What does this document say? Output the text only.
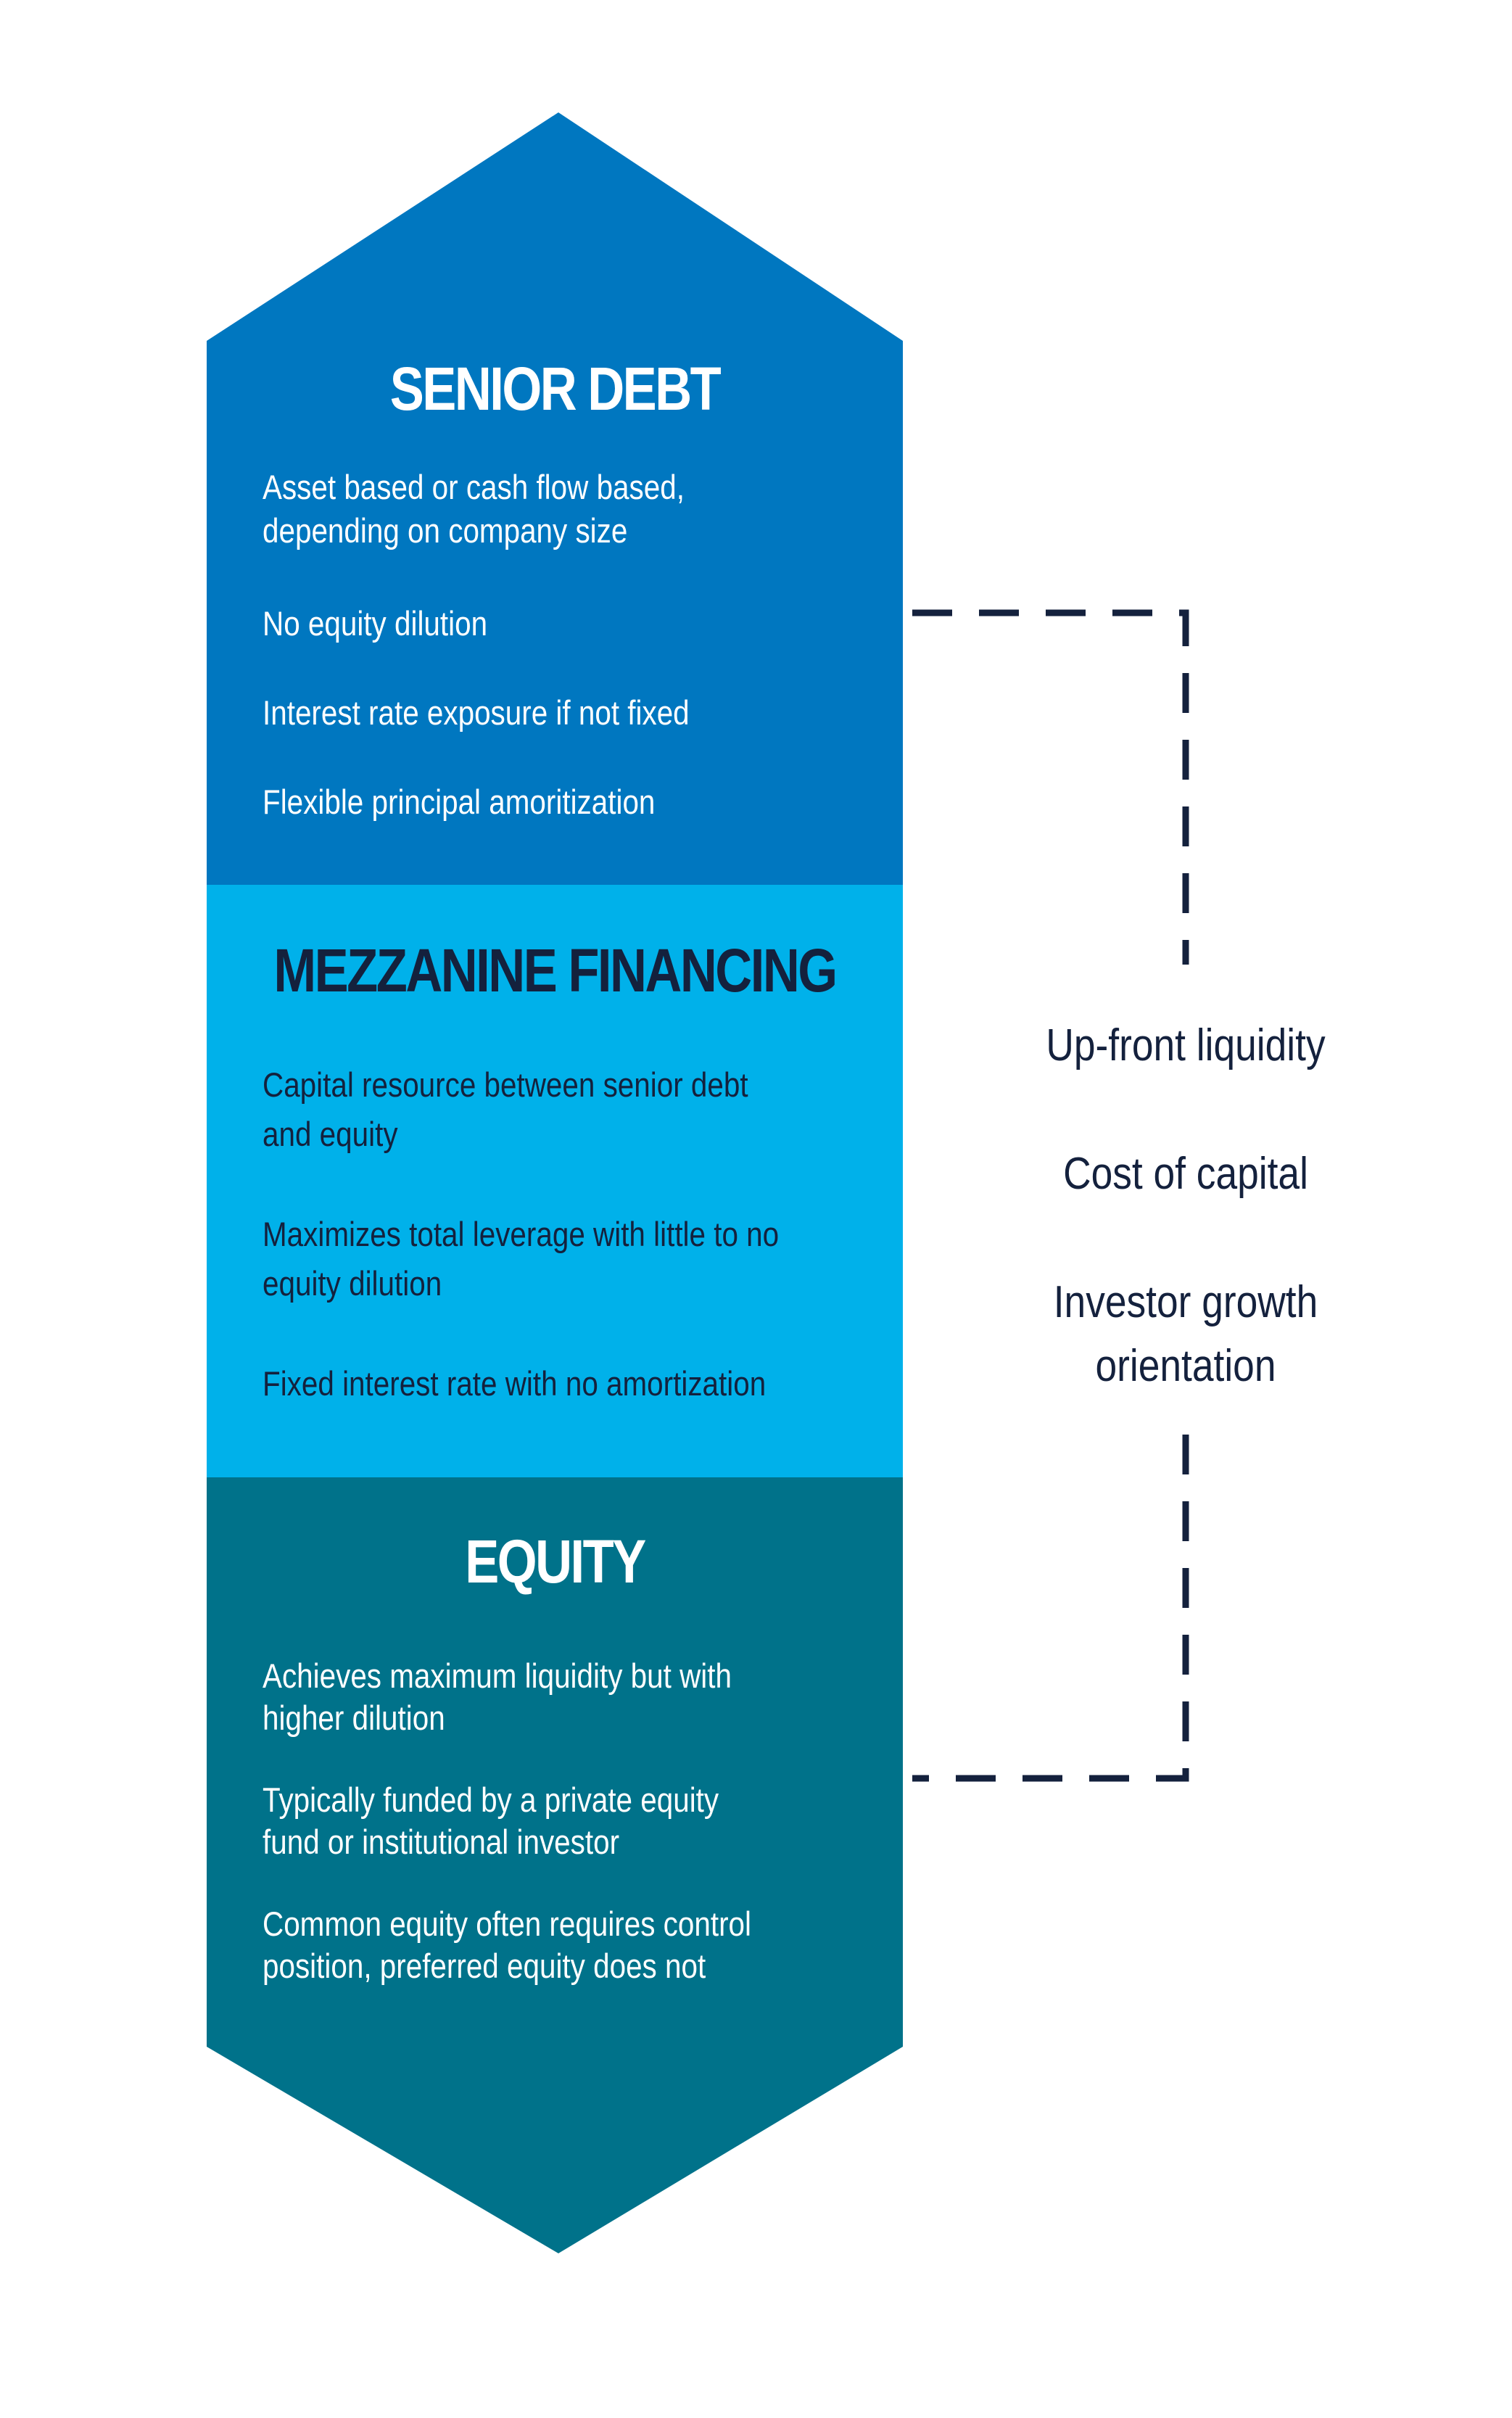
SENIOR DEBT
Asset based or cash flow based,
depending on company size
No equity dilution
Interest rate exposure if not fixed
Flexible principal amoritization
MEZZANINE FINANCING
Capital resource between senior debt
and equity
Maximizes total leverage with little to no
equity dilution
Fixed interest rate with no amortization
EQUITY
Achieves maximum liquidity but with
higher dilution
Typically funded by a private equity
fund or institutional investor
Common equity often requires control
position, preferred equity does not
Up-front liquidity
Cost of capital
Investor growth
orientation
